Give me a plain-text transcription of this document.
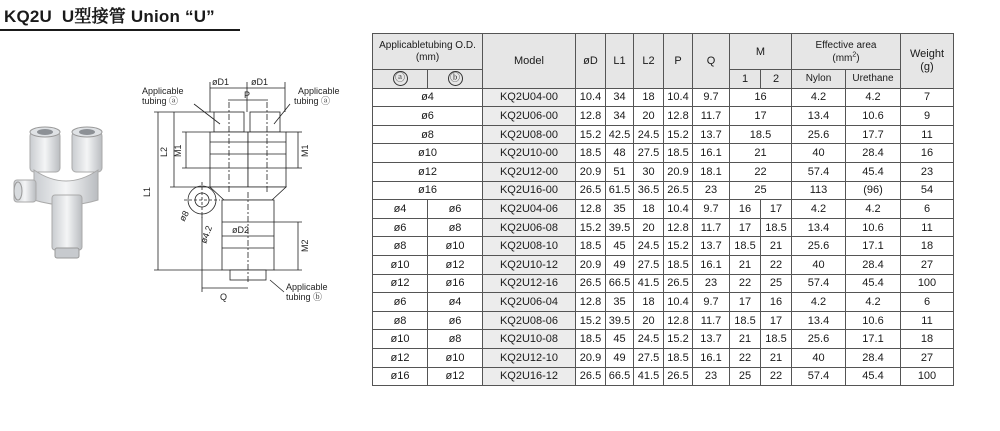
KQ2U U型接管 Union “U”
øD1 øD1
P
Applicable
tubing ⓐ
Applicable
tubing ⓐ
L1
L2 M1	M1
M2
ø8
ø4.2 øD2
Q
Applicable
tubing ⓑ
Applicabletubing O.D.(mm)		Model	øD	L1	L2	P	Q	M		Effective area
$(mm^2)$		Weight
(g)
ⓐ	ⓑ							1	2	Nylon	Urethane	
ø4		KQ2U04-00	10.4	34	18	10.4	9.7	16		4.2	4.2	7
ø6		KQ2U06-00	12.8	34	20	12.8	11.7	17		13.4	10.6	9
ø8		KQ2U08-00	15.2	42.5	24.5	15.2	13.7	18.5		25.6	17.7	11
ø10		KQ2U10-00	18.5	48	27.5	18.5	16.1	21		40	28.4	16
ø12		KQ2U12-00	20.9	51	30	20.9	18.1	22		57.4	45.4	23
ø16		KQ2U16-00	26.5	61.5	36.5	26.5	23	25		113	(96)	54
ø4	ø6	KQ2U04-06	12.8	35	18	10.4	9.7	16	17	4.2	4.2	6
ø6	ø8	KQ2U06-08	15.2	39.5	20	12.8	11.7	17	18.5	13.4	10.6	11
ø8	ø10	KQ2U08-10	18.5	45	24.5	15.2	13.7	18.5	21	25.6	17.1	18
ø10	ø12	KQ2U10-12	20.9	49	27.5	18.5	16.1	21	22	40	28.4	27
ø12	ø16	KQ2U12-16	26.5	66.5	41.5	26.5	23	22	25	57.4	45.4	100
ø6	ø4	KQ2U06-04	12.8	35	18	10.4	9.7	17	16	4.2	4.2	6
ø8	ø6	KQ2U08-06	15.2	39.5	20	12.8	11.7	18.5	17	13.4	10.6	11
ø10	ø8	KQ2U10-08	18.5	45	24.5	15.2	13.7	21	18.5	25.6	17.1	18
ø12	ø10	KQ2U12-10	20.9	49	27.5	18.5	16.1	22	21	40	28.4	27
ø16	ø12	KQ2U16-12	26.5	66.5	41.5	26.5	23	25	22	57.4	45.4	100
